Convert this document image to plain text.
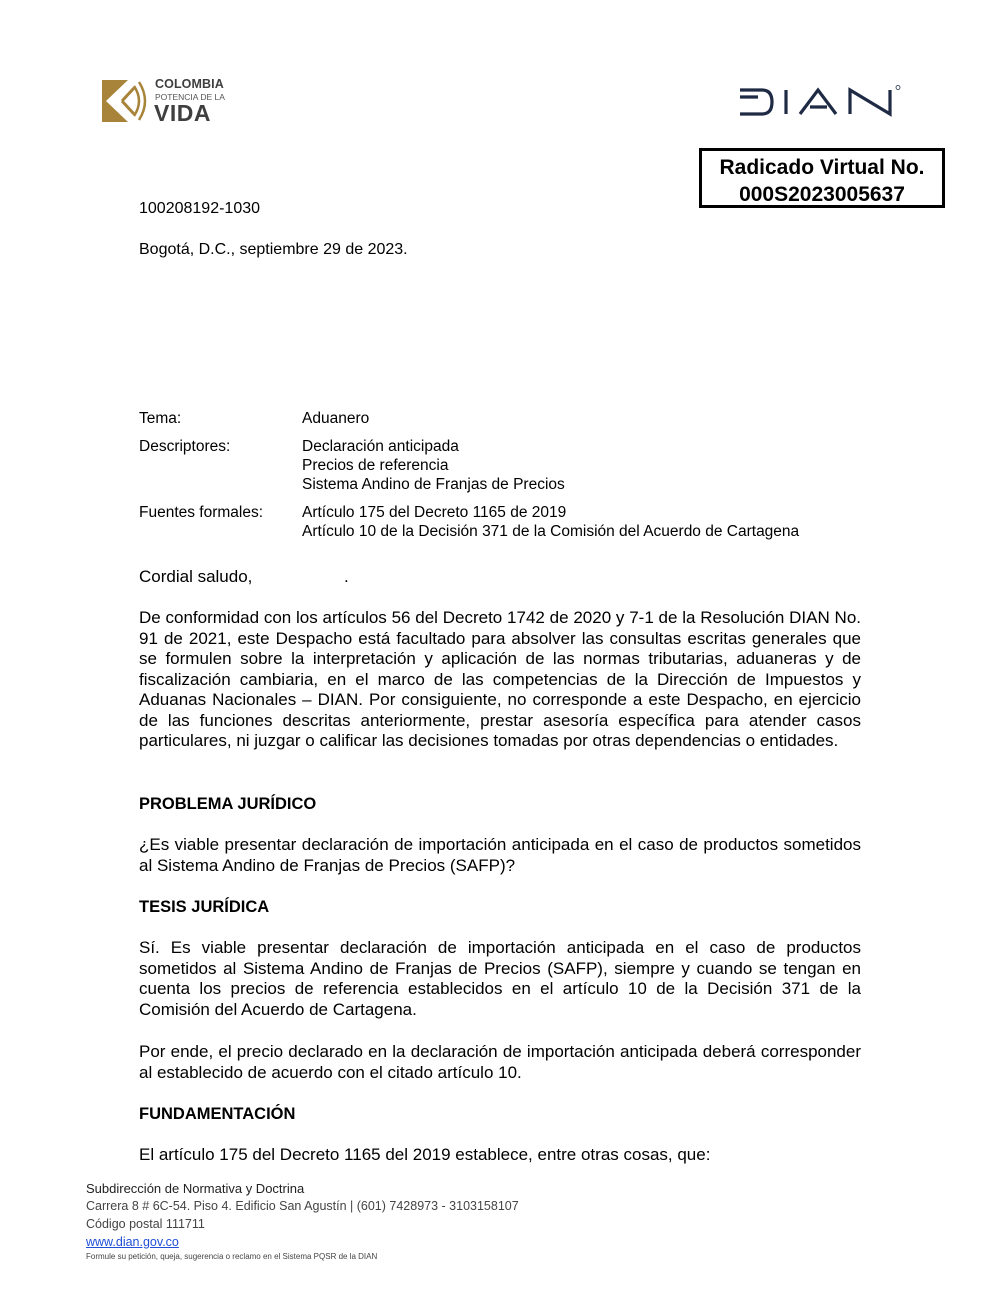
COLOMBIA
POTENCIA DE LA
VIDA
Radicado Virtual No.
000S2023005637
100208192-1030
Bogotá, D.C., septiembre 29 de 2023.
Tema:	Aduanero
Descriptores:	Declaración anticipada
Precios de referencia
Sistema Andino de Franjas de Precios
Fuentes formales:	Artículo 175 del Decreto 1165 de 2019
Artículo 10 de la Decisión 371 de la Comisión del Acuerdo de Cartagena
Cordial saludo,	.
De conformidad con los artículos 56 del Decreto 1742 de 2020 y 7-1 de la Resolución DIAN No. 91 de 2021, este Despacho está facultado para absolver las consultas escritas generales que se formulen sobre la interpretación y aplicación de las normas tributarias, aduaneras y de fiscalización cambiaria, en el marco de las competencias de la Dirección de Impuestos y Aduanas Nacionales – DIAN. Por consiguiente, no corresponde a este Despacho, en ejercicio de las funciones descritas anteriormente, prestar asesoría específica para atender casos particulares, ni juzgar o calificar las decisiones tomadas por otras dependencias o entidades.
PROBLEMA JURÍDICO
¿Es viable presentar declaración de importación anticipada en el caso de productos sometidos al Sistema Andino de Franjas de Precios (SAFP)?
TESIS JURÍDICA
Sí. Es viable presentar declaración de importación anticipada en el caso de productos sometidos al Sistema Andino de Franjas de Precios (SAFP), siempre y cuando se tengan en cuenta los precios de referencia establecidos en el artículo 10 de la Decisión 371 de la Comisión del Acuerdo de Cartagena.
Por ende, el precio declarado en la declaración de importación anticipada deberá corresponder al establecido de acuerdo con el citado artículo 10.
FUNDAMENTACIÓN
El artículo 175 del Decreto 1165 del 2019 establece, entre otras cosas, que:
Subdirección de Normativa y Doctrina
Carrera 8 # 6C-54. Piso 4. Edificio San Agustín | (601) 7428973 - 3103158107
Código postal 111711
www.dian.gov.co
Formule su petición, queja, sugerencia o reclamo en el Sistema PQSR de la DIAN
